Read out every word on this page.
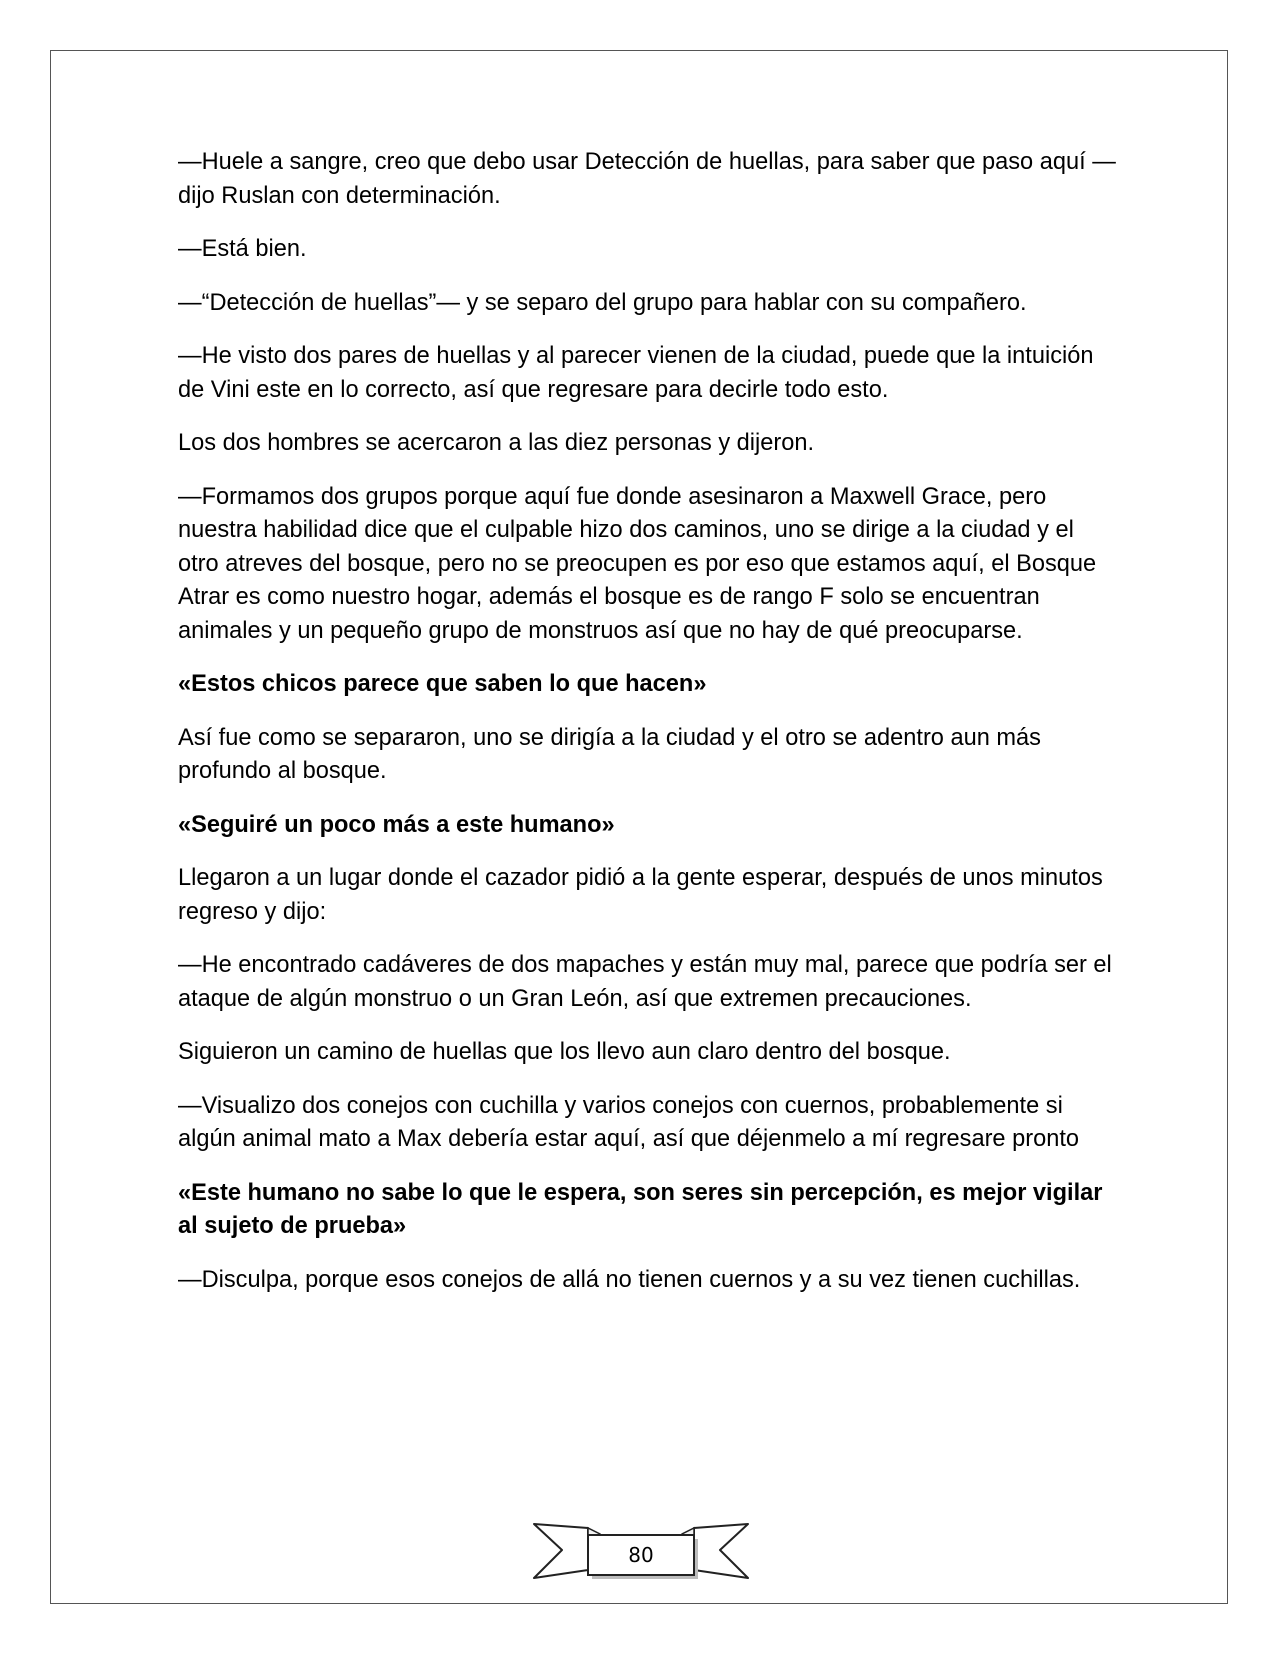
—Huele a sangre, creo que debo usar Detección de huellas, para saber que paso aquí — dijo Ruslan con determinación.

—Está bien.

—“Detección de huellas”— y se separo del grupo para hablar con su compañero.

—He visto dos pares de huellas y al parecer vienen de la ciudad, puede que la intuición de Vini este en lo correcto, así que regresare para decirle todo esto.

Los dos hombres se acercaron a las diez personas y dijeron.

—Formamos dos grupos porque aquí fue donde asesinaron a Maxwell Grace, pero nuestra habilidad dice que el culpable hizo dos caminos, uno se dirige a la ciudad y el otro atreves del bosque, pero no se preocupen es por eso que estamos aquí, el Bosque Atrar es como nuestro hogar, además el bosque es de rango F solo se encuentran animales y un pequeño grupo de monstruos así que no hay de qué preocuparse.

«Estos chicos parece que saben lo que hacen»

Así fue como se separaron, uno se dirigía a la ciudad y el otro se adentro aun más profundo al bosque.

«Seguiré un poco más a este humano»

Llegaron a un lugar donde el cazador pidió a la gente esperar, después de unos minutos regreso y dijo:

—He encontrado cadáveres de dos mapaches y están muy mal, parece que podría ser el ataque de algún monstruo o un Gran León, así que extremen precauciones.

Siguieron un camino de huellas que los llevo aun claro dentro del bosque.

—Visualizo dos conejos con cuchilla y varios conejos con cuernos, probablemente si algún animal mato a Max debería estar aquí, así que déjenmelo a mí regresare pronto

«Este humano no sabe lo que le espera, son seres sin percepción, es mejor vigilar al sujeto de prueba»

—Disculpa, porque esos conejos de allá no tienen cuernos y a su vez tienen cuchillas.

80
